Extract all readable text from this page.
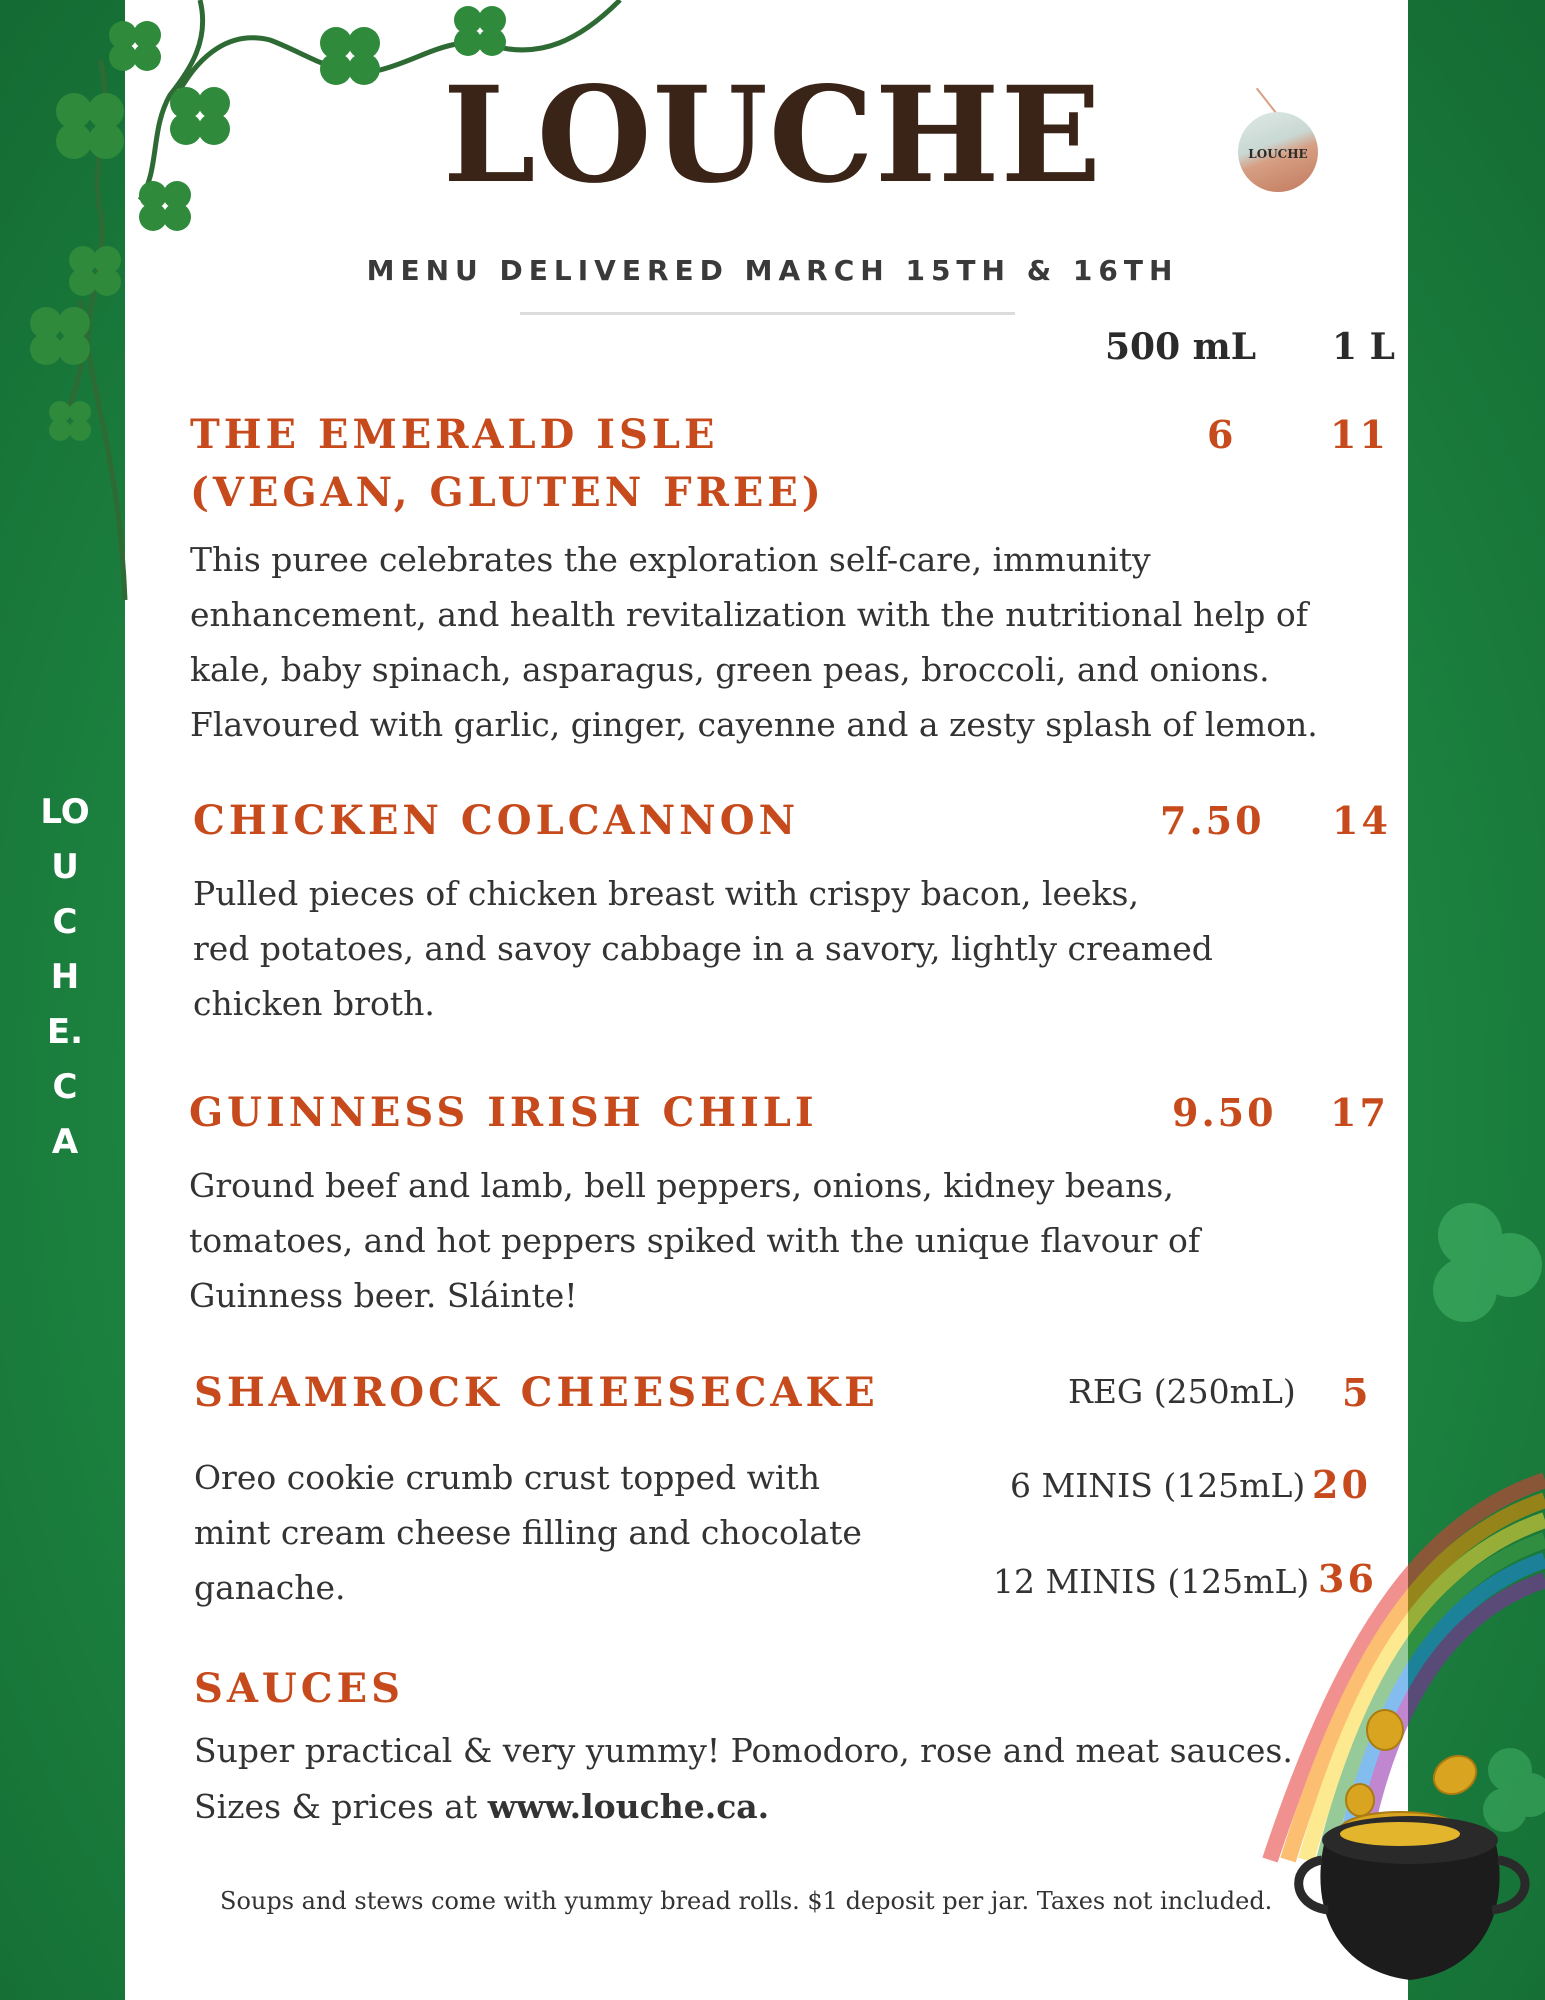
LOUCHE.CA
LOUCHE	LOUCHE
MENU DELIVERED MARCH 15TH & 16TH
500 mL 1 L
THE EMERALD ISLE
(VEGAN, GLUTEN FREE)
6 11
This puree celebrates the exploration self-care, immunity
enhancement, and health revitalization with the nutritional help of
kale, baby spinach, asparagus, green peas, broccoli, and onions.
Flavoured with garlic, ginger, cayenne and a zesty splash of lemon.
CHICKEN COLCANNON	7.50 14
Pulled pieces of chicken breast with crispy bacon, leeks,
red potatoes, and savoy cabbage in a savory, lightly creamed
chicken broth.
GUINNESS IRISH CHILI	9.50 17
Ground beef and lamb, bell peppers, onions, kidney beans,
tomatoes, and hot peppers spiked with the unique flavour of
Guinness beer. Sláinte!
SHAMROCK CHEESECAKE
Oreo cookie crumb crust topped with
mint cream cheese filling and chocolate
ganache.
REG (250mL) 5
6 MINIS (125mL) 20
12 MINIS (125mL) 36
SAUCES
Super practical & very yummy! Pomodoro, rose and meat sauces.
Sizes & prices at www.louche.ca.
Soups and stews come with yummy bread rolls. $1 deposit per jar. Taxes not included.
